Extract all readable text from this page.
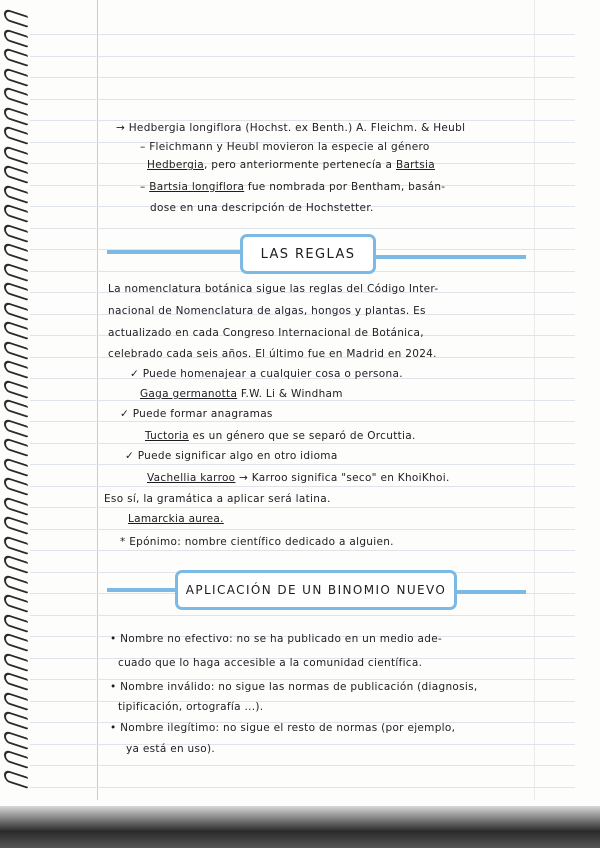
→ Hedbergia longiflora (Hochst. ex Benth.) A. Fleichm. & Heubl
– Fleichmann y Heubl movieron la especie al género
Hedbergia, pero anteriormente pertenecía a Bartsia
– Bartsia longiflora fue nombrada por Bentham, basán-
dose en una descripción de Hochstetter.
LAS REGLAS
La nomenclatura botánica sigue las reglas del Código Inter-
nacional de Nomenclatura de algas, hongos y plantas. Es
actualizado en cada Congreso Internacional de Botánica,
celebrado cada seis años. El último fue en Madrid en 2024.
✓ Puede homenajear a cualquier cosa o persona.
Gaga germanotta F.W. Li & Windham
✓ Puede formar anagramas
Tuctoria es un género que se separó de Orcuttia.
✓ Puede significar algo en otro idioma
Vachellia karroo → Karroo significa "seco" en KhoiKhoi.
Eso sí, la gramática a aplicar será latina.
Lamarckia aurea.
* Epónimo: nombre científico dedicado a alguien.
APLICACIÓN DE UN BINOMIO NUEVO
• Nombre no efectivo: no se ha publicado en un medio ade-
cuado que lo haga accesible a la comunidad científica.
• Nombre inválido: no sigue las normas de publicación (diagnosis,
tipificación, ortografía ...).
• Nombre ilegítimo: no sigue el resto de normas (por ejemplo,
ya está en uso).
